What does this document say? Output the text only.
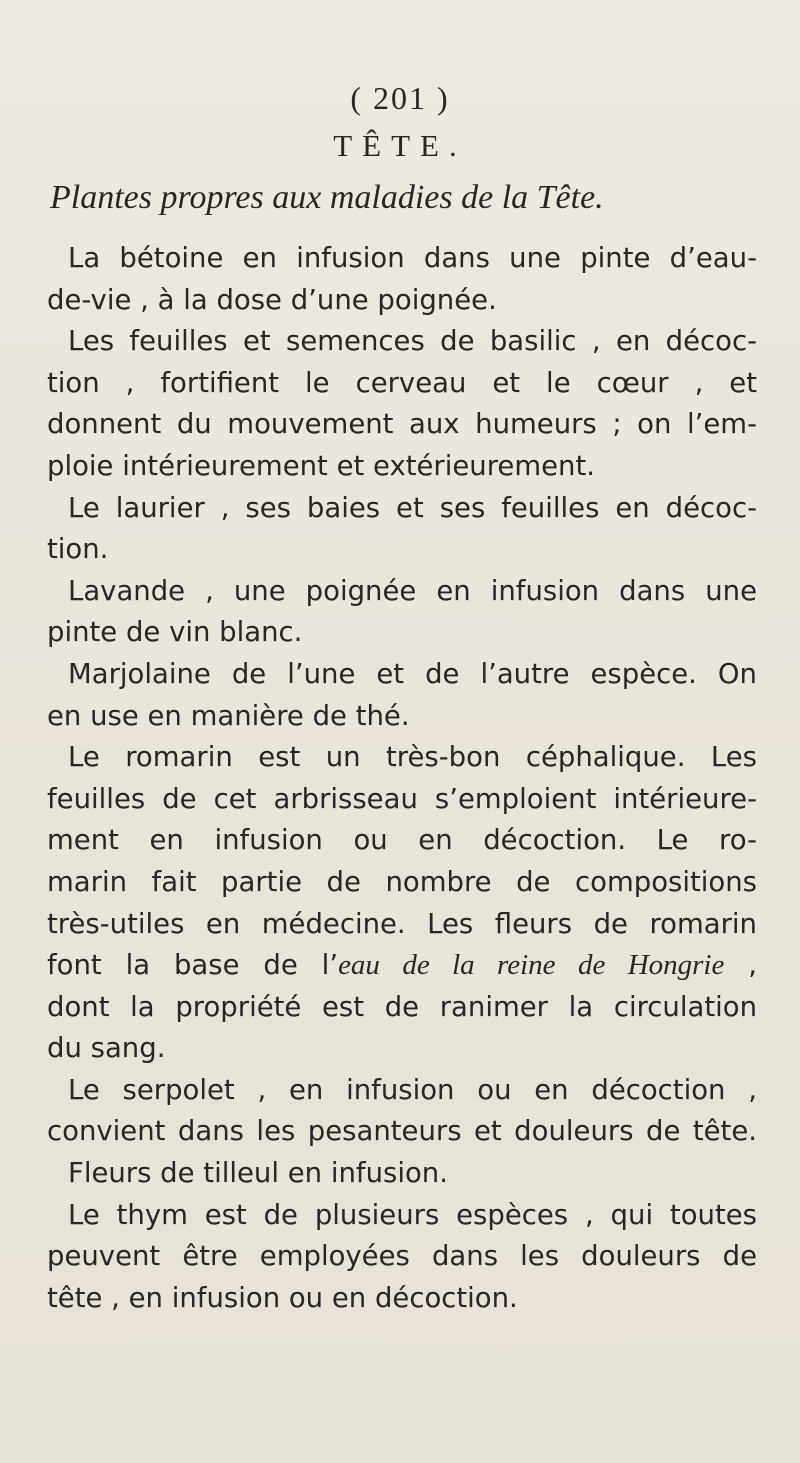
( 201 )
TÊTE.
Plantes propres aux maladies de la Tête.

La bétoine en infusion dans une pinte d’eau-
de-vie , à la dose d’une poignée.

Les feuilles et semences de basilic , en décoc-
tion , fortifient le cerveau et le cœur , et
donnent du mouvement aux humeurs ; on l’em-
ploie intérieurement et extérieurement.

Le laurier , ses baies et ses feuilles en décoc-
tion.

Lavande , une poignée en infusion dans une
pinte de vin blanc.

Marjolaine de l’une et de l’autre espèce. On
en use en manière de thé.

Le romarin est un très-bon céphalique. Les
feuilles de cet arbrisseau s’emploient intérieure-
ment en infusion ou en décoction. Le ro-
marin fait partie de nombre de compositions
très-utiles en médecine. Les fleurs de romarin
font la base de l’eau de la reine de Hongrie ,
dont la propriété est de ranimer la circulation
du sang.

Le serpolet , en infusion ou en décoction ,
convient dans les pesanteurs et douleurs de tête.

Fleurs de tilleul en infusion.

Le thym est de plusieurs espèces , qui toutes
peuvent être employées dans les douleurs de
tête , en infusion ou en décoction.
